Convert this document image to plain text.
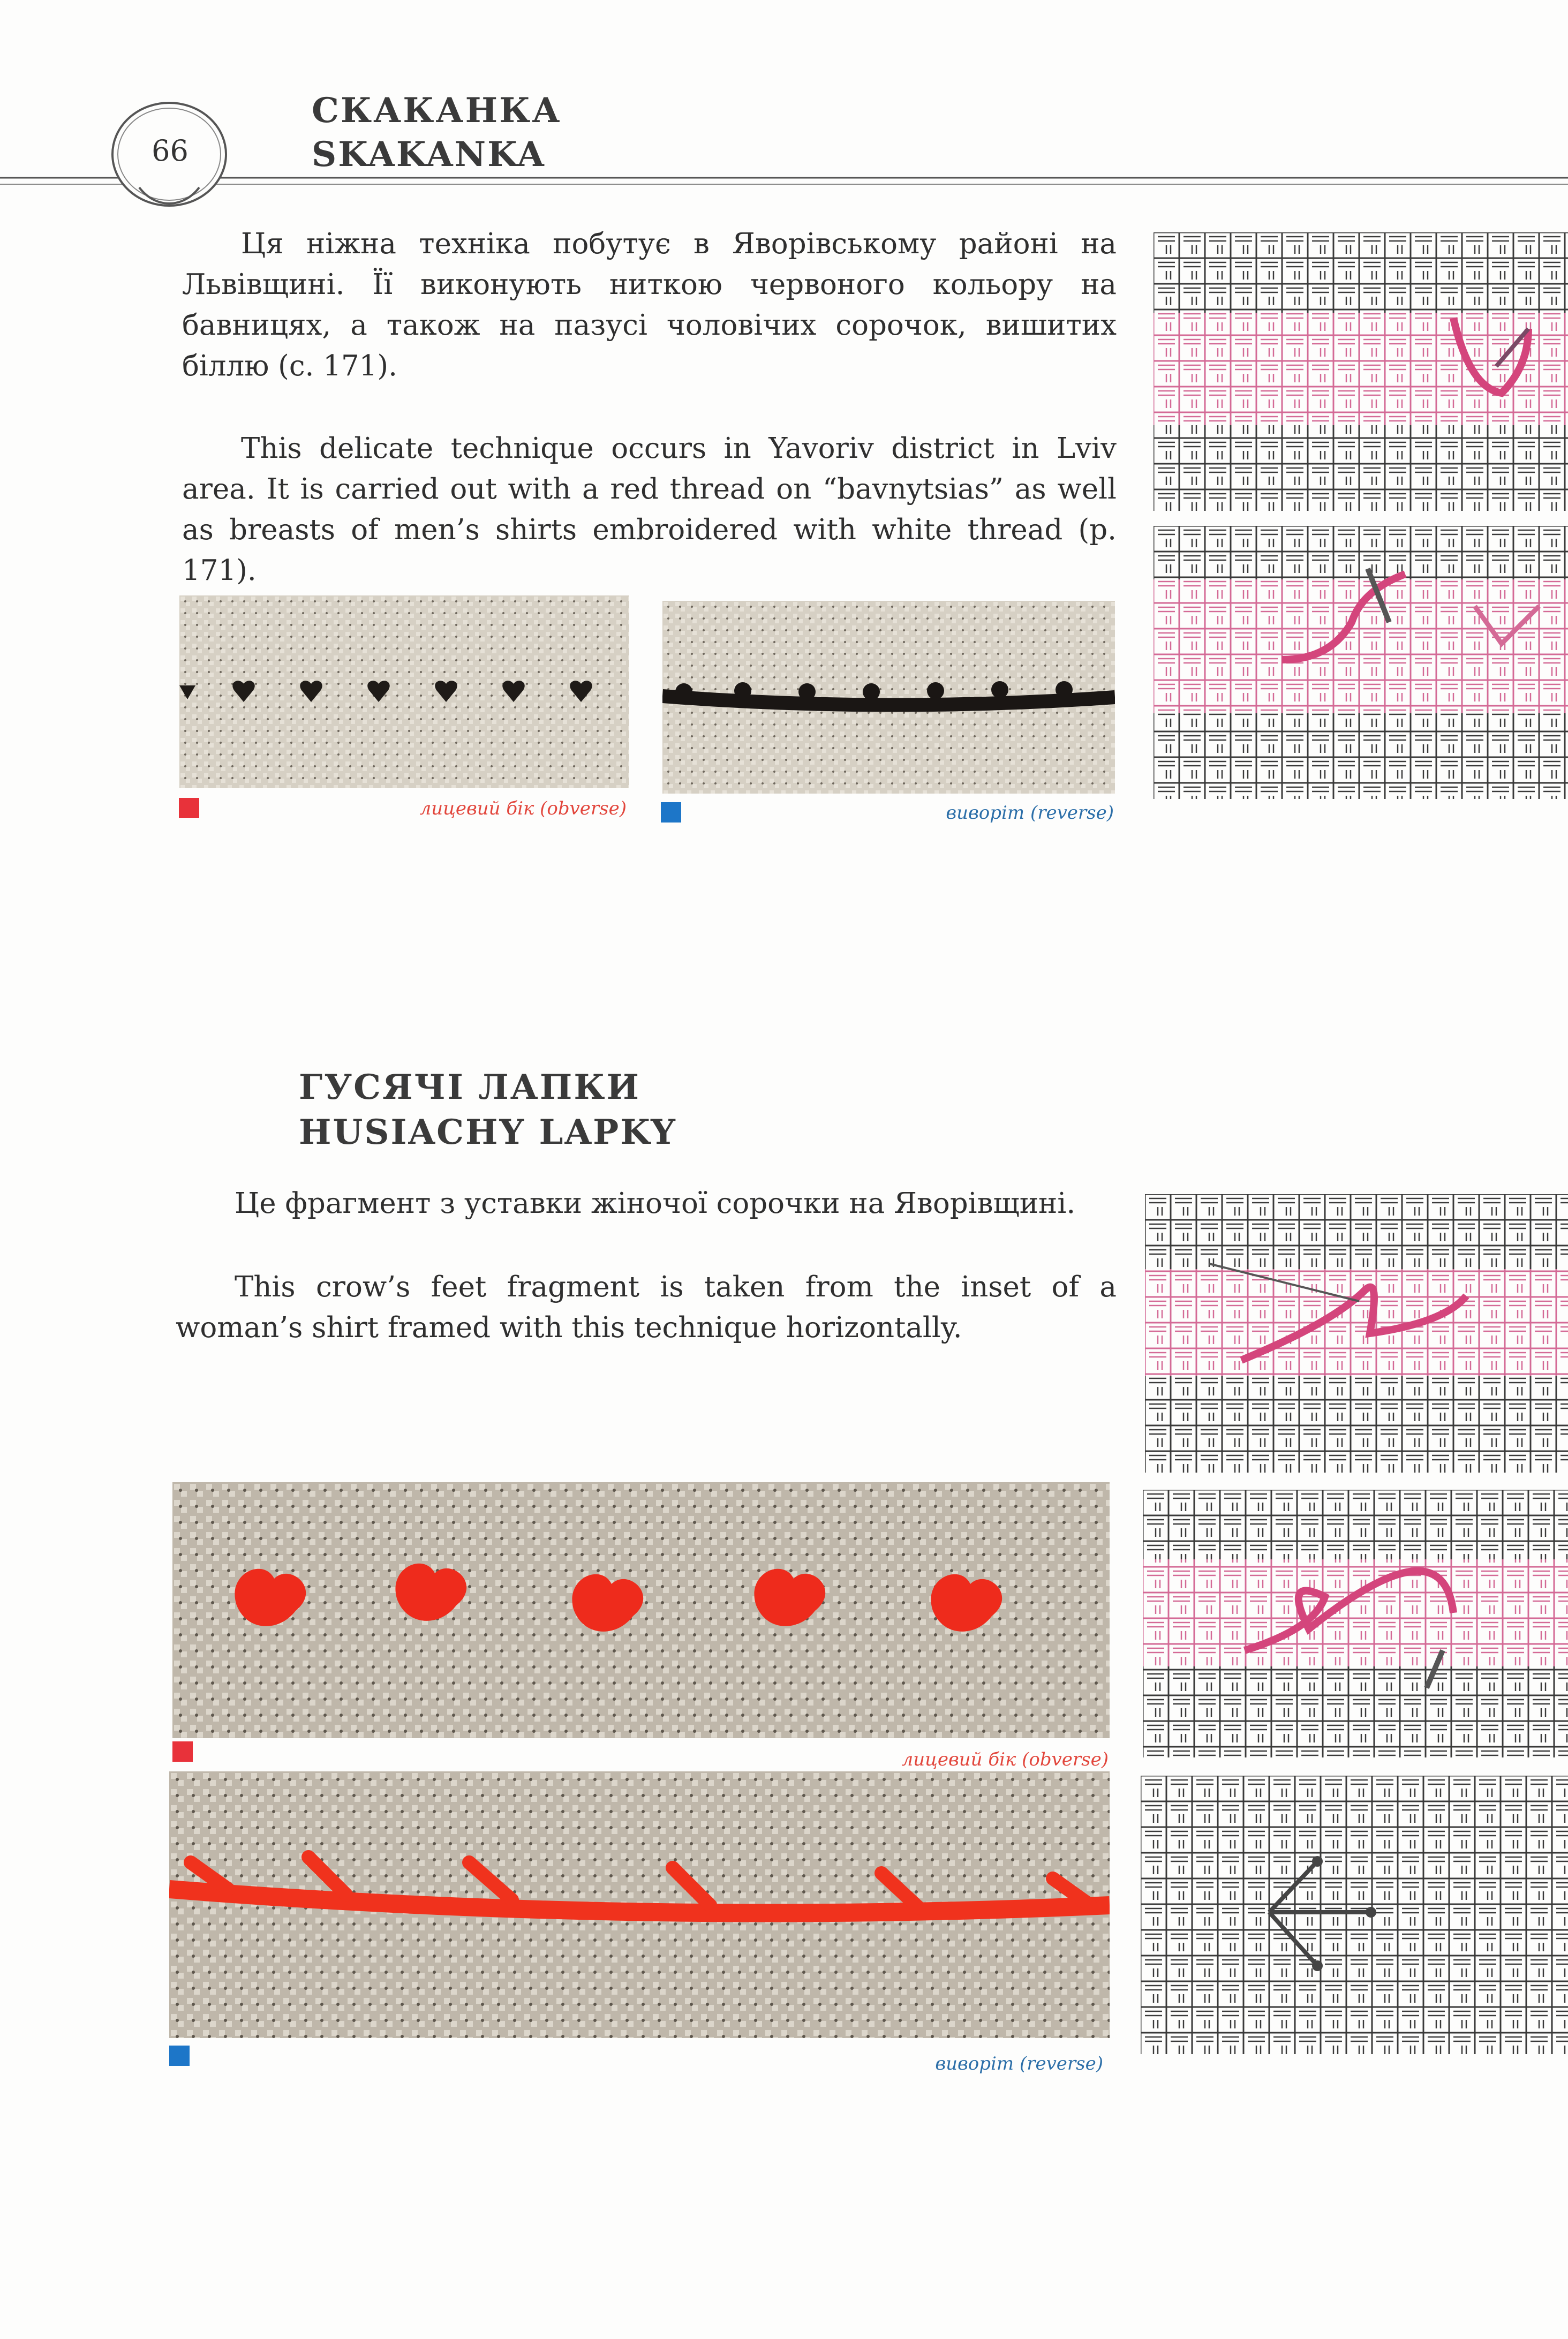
66
СКАКАНКА
SKAKANKA
Ця ніжна техніка побутує в Яворівському районі на Львівщині. Її виконують ниткою червоного кольору на бавницях, а також на пазусі чоловічих сорочок, вишитих біллю (с. 171).
This delicate technique occurs in Yavoriv district in Lviv area. It is carried out with a red thread on “bavnytsias” as well as breasts of men’s shirts embroidered with white thread (p. 171).
лицевий бік (obverse)	виворіт (reverse)
ГУСЯЧІ ЛАПКИ
HUSIACHY LAPKY
Це фрагмент з уставки жіночої сорочки на Яворівщині.
This crow’s feet fragment is taken from the inset of a woman’s shirt framed with this technique horizontally.
лицевий бік (obverse)
виворіт (reverse)
